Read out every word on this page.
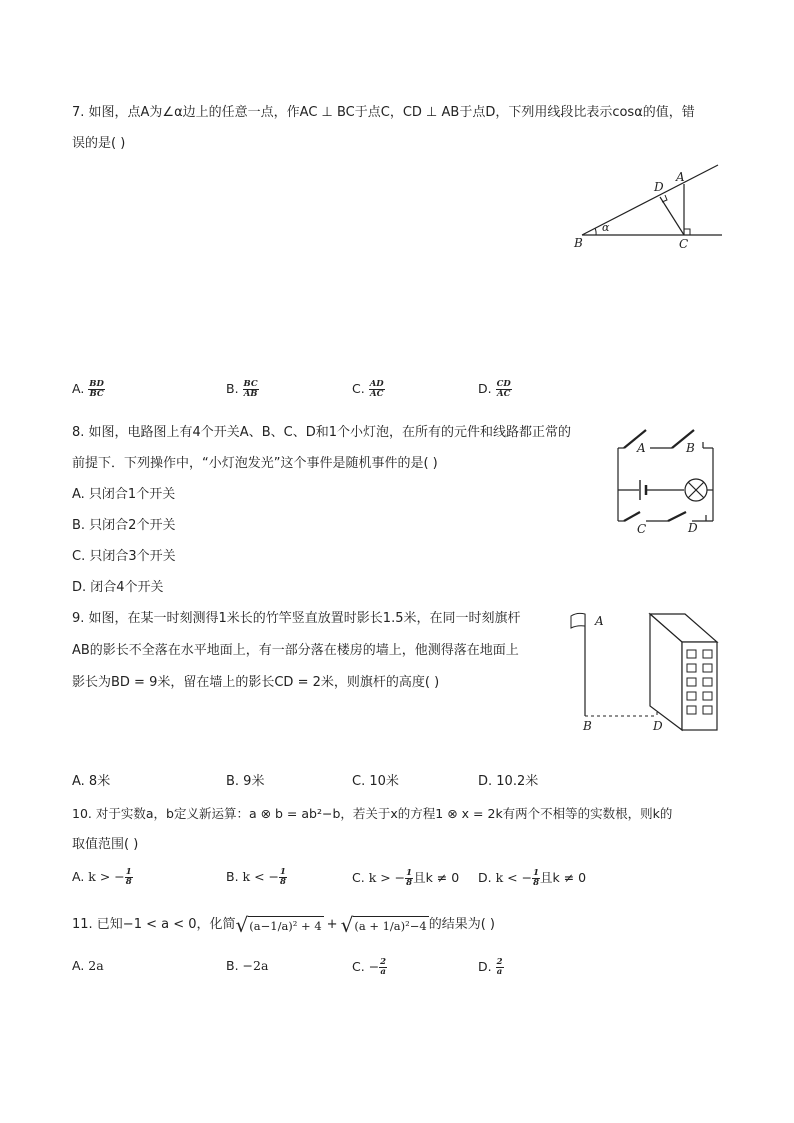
7. 如图，点A为∠α边上的任意一点，作AC ⊥ BC于点C，CD ⊥ AB于点D，下列用线段比表示cosα的值，错
误的是( )
α
B	C
D
A
A. $\frac{BD}{BC}$	B. $\frac{BC}{AB}$	C. $\frac{AD}{AC}$	D. $\frac{CD}{AC}$
8. 如图，电路图上有4个开关A、B、C、D和1个小灯泡，在所有的元件和线路都正常的
前提下．下列操作中，“小灯泡发光”这个事件是随机事件的是( )
A	B
C	D
A. 只闭合1个开关
B. 只闭合2个开关
C. 只闭合3个开关
D. 闭合4个开关
9. 如图，在某一时刻测得1米长的竹竿竖直放置时影长1.5米，在同一时刻旗杆
AB的影长不全落在水平地面上，有一部分落在楼房的墙上，他测得落在地面上
影长为BD = 9米，留在墙上的影长CD = 2米，则旗杆的高度( )
A
B	D
A. 8米	B. 9米	C. 10米	D. 10.2米
10. 对于实数a，b定义新运算：a ⊗ b = ab²−b，若关于x的方程1 ⊗ x = 2k有两个不相等的实数根，则k的
取值范围( )
A. k > − $\frac{1}{8}$	B. k < − $\frac{1}{8}$	C. k > − $\frac{1}{8}$ 且k ≠ 0 D. k < − $\frac{1}{8}$ 且k ≠ 0
11. 已知−1 < a < 0，化简 √ (a−1/a)² + 4 + √ (a + 1/a)²−4 的结果为( )
A. 2a	B. −2a	C. − $\frac{2}{a}$	D. $\frac{2}{a}$
